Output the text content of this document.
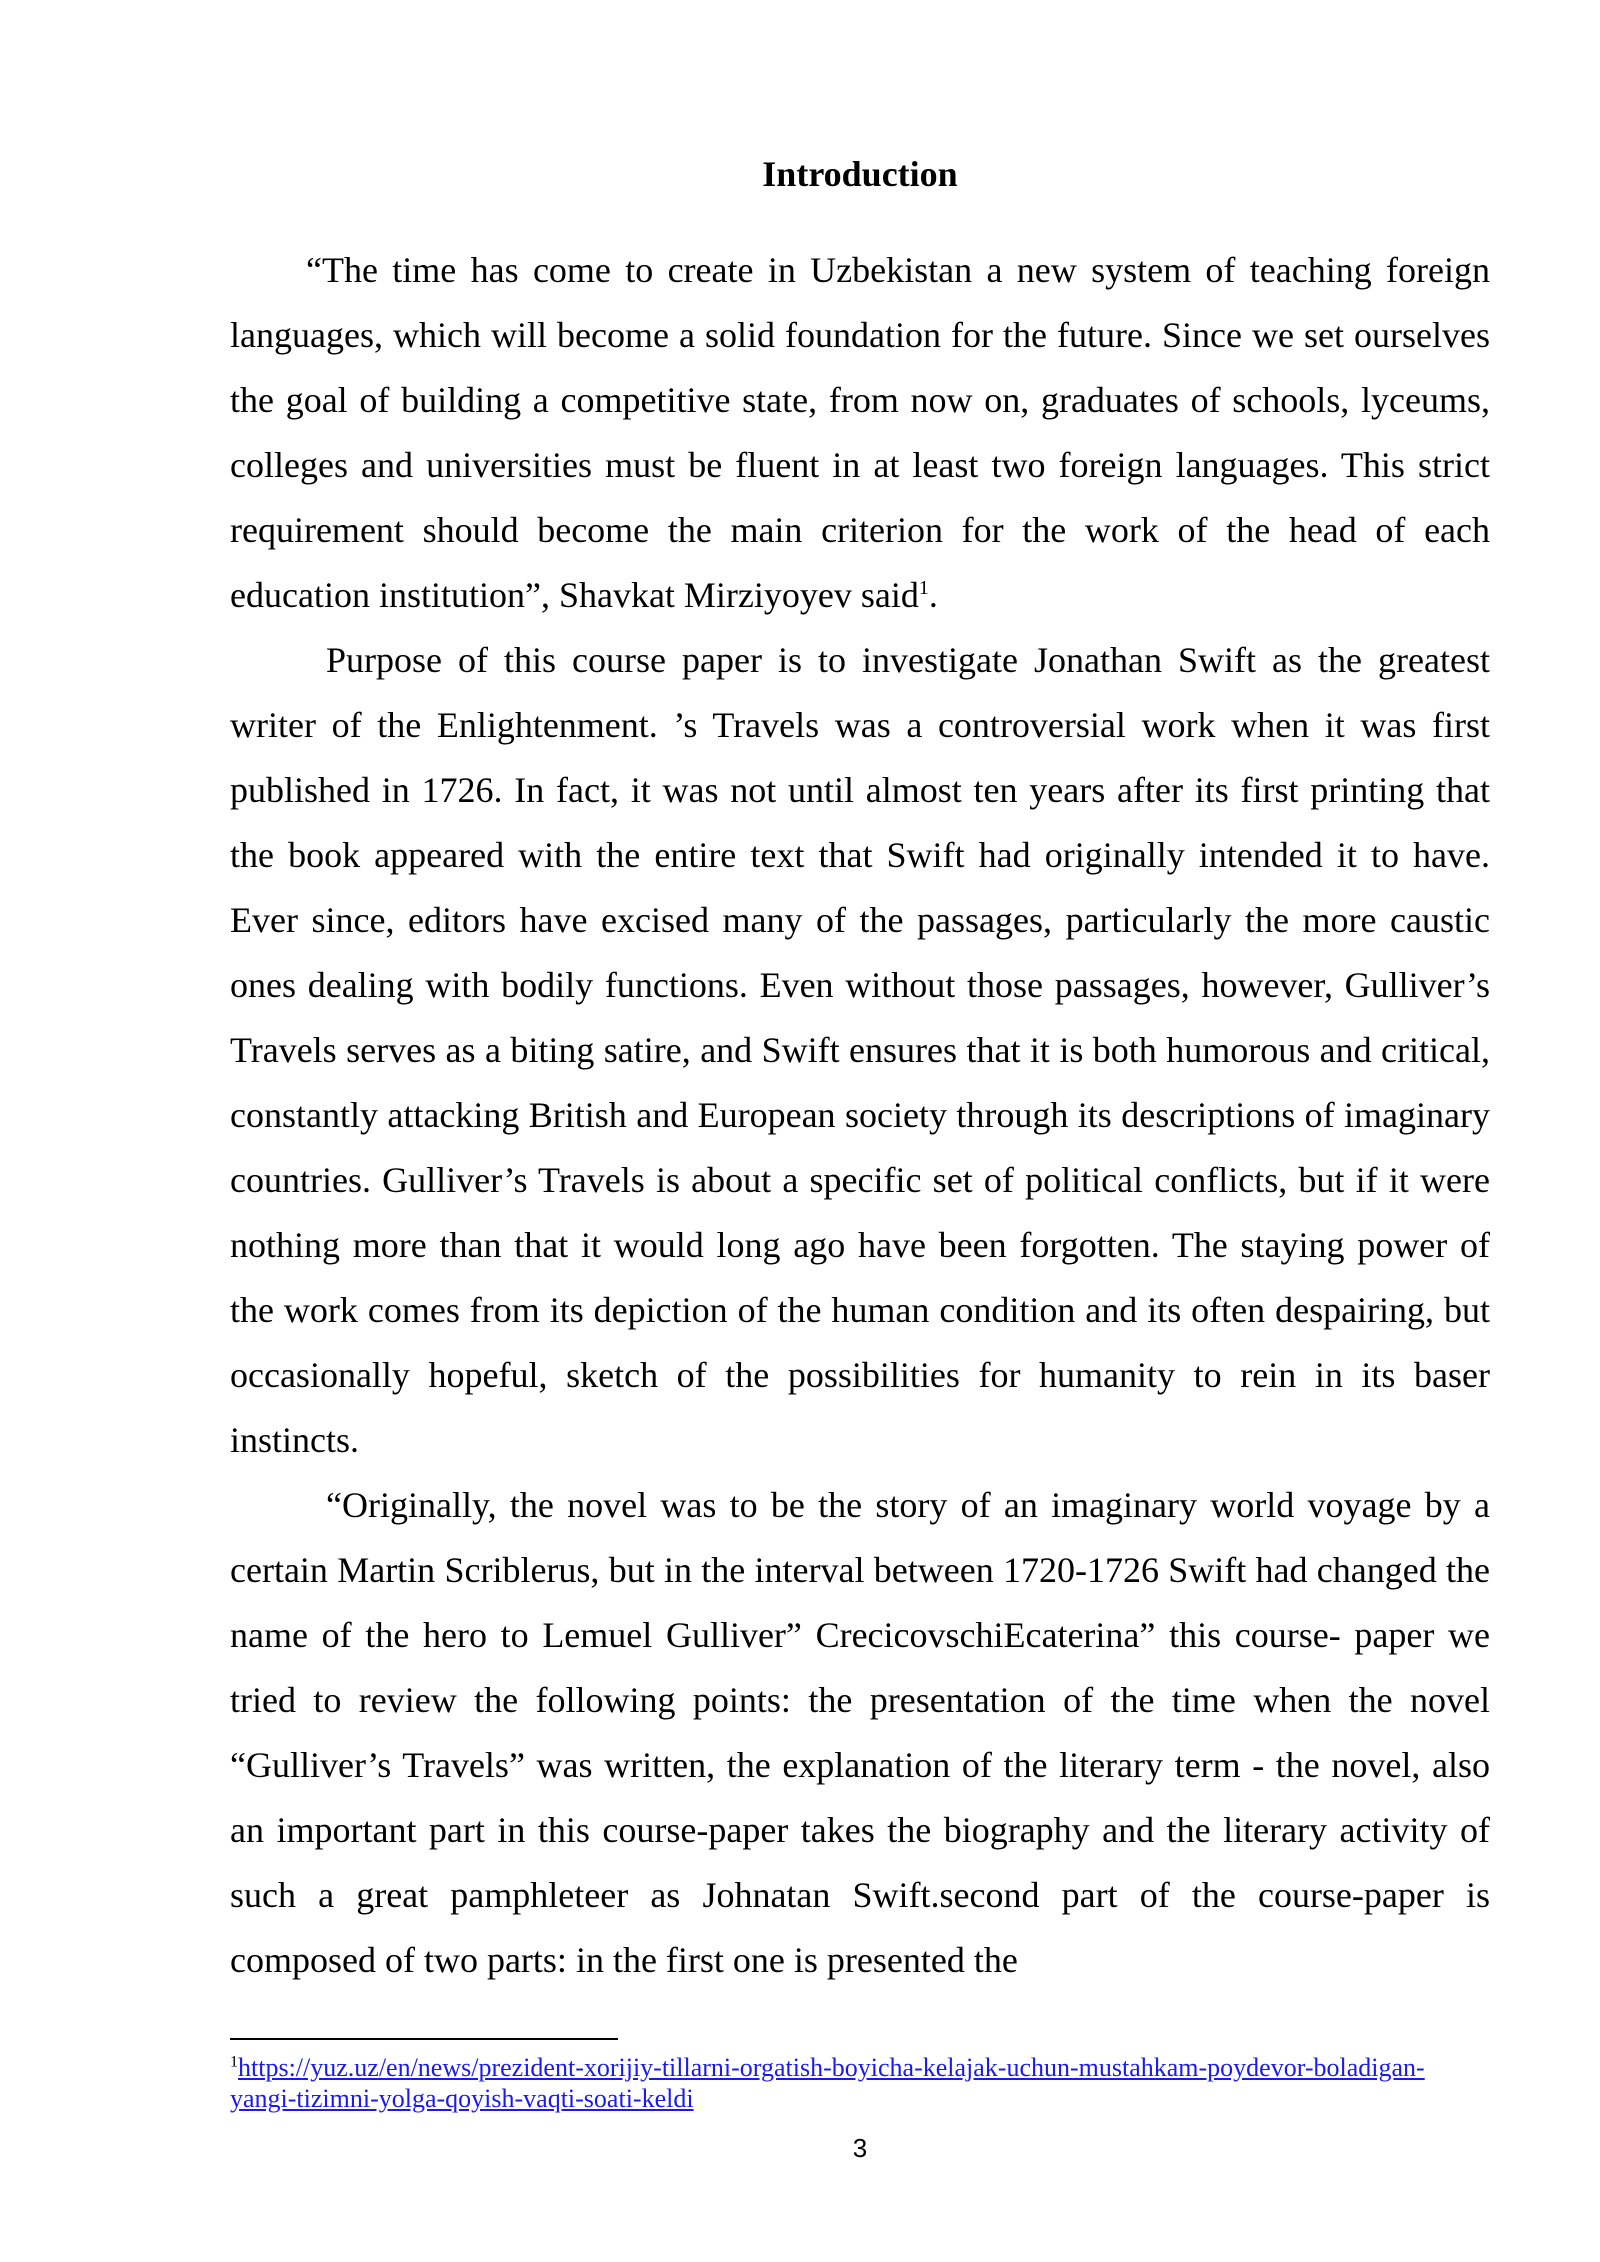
Introduction

“The time has come to create in Uzbekistan a new system of teaching foreign languages, which will become a solid foundation for the future. Since we set ourselves the goal of building a competitive state, from now on, graduates of schools, lyceums, colleges and universities must be fluent in at least two foreign languages. This strict requirement should become the main criterion for the work of the head of each education institution”, Shavkat Mirziyoyev said$^1$.

Purpose of this course paper is to investigate Jonathan Swift as the greatest writer of the Enlightenment. ’s Travels was a controversial work when it was first published in 1726. In fact, it was not until almost ten years after its first printing that the book appeared with the entire text that Swift had originally intended it to have. Ever since, editors have excised many of the passages, particularly the more caustic ones dealing with bodily functions. Even without those passages, however, Gulliver’s Travels serves as a biting satire, and Swift ensures that it is both humorous and critical, constantly attacking British and European society through its descriptions of imaginary countries. Gulliver’s Travels is about a specific set of political conflicts, but if it were nothing more than that it would long ago have been forgotten. The staying power of the work comes from its depiction of the human condition and its often despairing, but occasionally hopeful, sketch of the possibilities for humanity to rein in its baser instincts.

“Originally, the novel was to be the story of an imaginary world voyage by a certain Martin Scriblerus, but in the interval between 1720-1726 Swift had changed the name of the hero to Lemuel Gulliver” CrecicovschiEcaterina” this course- paper we tried to review the following points: the presentation of the time when the novel “Gulliver’s Travels” was written, the explanation of the literary term - the novel, also an important part in this course-paper takes the biography and the literary activity of such a great pamphleteer as Johnatan Swift.second part of the course-paper is composed of two parts: in the first one is presented the

$^1$https://yuz.uz/en/news/prezident-xorijiy-tillarni-orgatish-boyicha-kelajak-uchun-mustahkam-poydevor-boladigan-yangi-tizimni-yolga-qoyish-vaqti-soati-keldi
3
